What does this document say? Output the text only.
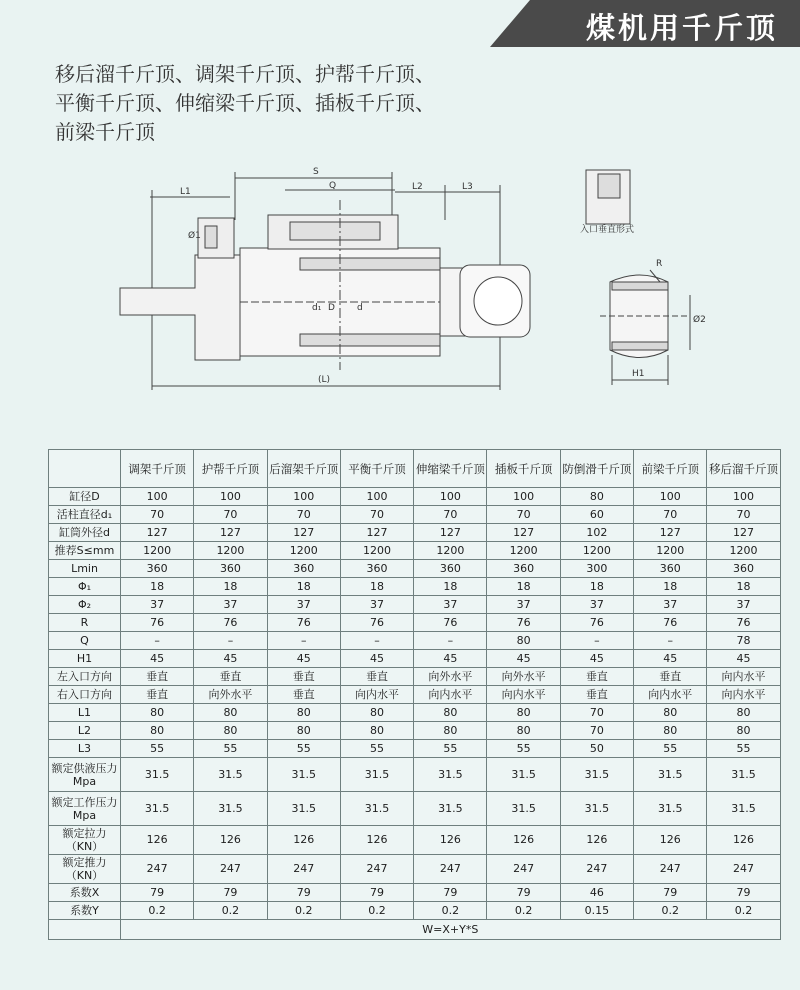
煤机用千斤顶
移后溜千斤顶、调架千斤顶、护帮千斤顶、
平衡千斤顶、伸缩梁千斤顶、插板千斤顶、
前梁千斤顶
S
Q
L1	L2	L3
Ø1
d₁ D d
(L)
R
Ø2
H1
入口垂直形式
	调架千斤顶	护帮千斤顶	后溜架千斤顶	平衡千斤顶	伸缩梁千斤顶	插板千斤顶	防倒滑千斤顶	前梁千斤顶	移后溜千斤顶
缸径D	100	100	100	100	100	100	80	100	100
活柱直径d₁	70	70	70	70	70	70	60	70	70
缸筒外径d	127	127	127	127	127	127	102	127	127
推荐S≤mm	1200	1200	1200	1200	1200	1200	1200	1200	1200
Lmin	360	360	360	360	360	360	300	360	360
Φ₁	18	18	18	18	18	18	18	18	18
Φ₂	37	37	37	37	37	37	37	37	37
R	76	76	76	76	76	76	76	76	76
Q	–	–	–	–	–	80	–	–	78
H1	45	45	45	45	45	45	45	45	45
左入口方向	垂直	垂直	垂直	垂直	向外水平	向外水平	垂直	垂直	向内水平
右入口方向	垂直	向外水平	垂直	向内水平	向内水平	向内水平	垂直	向内水平	向内水平
L1	80	80	80	80	80	80	70	80	80
L2	80	80	80	80	80	80	70	80	80
L3	55	55	55	55	55	55	50	55	55
额定供液压力Mpa	31.5	31.5	31.5	31.5	31.5	31.5	31.5	31.5	31.5
额定工作压力Mpa	31.5	31.5	31.5	31.5	31.5	31.5	31.5	31.5	31.5
额定拉力（KN）	126	126	126	126	126	126	126	126	126
额定推力（KN）	247	247	247	247	247	247	247	247	247
系数X	79	79	79	79	79	79	46	79	79
系数Y	0.2	0.2	0.2	0.2	0.2	0.2	0.15	0.2	0.2
	W=X+Y*S								
